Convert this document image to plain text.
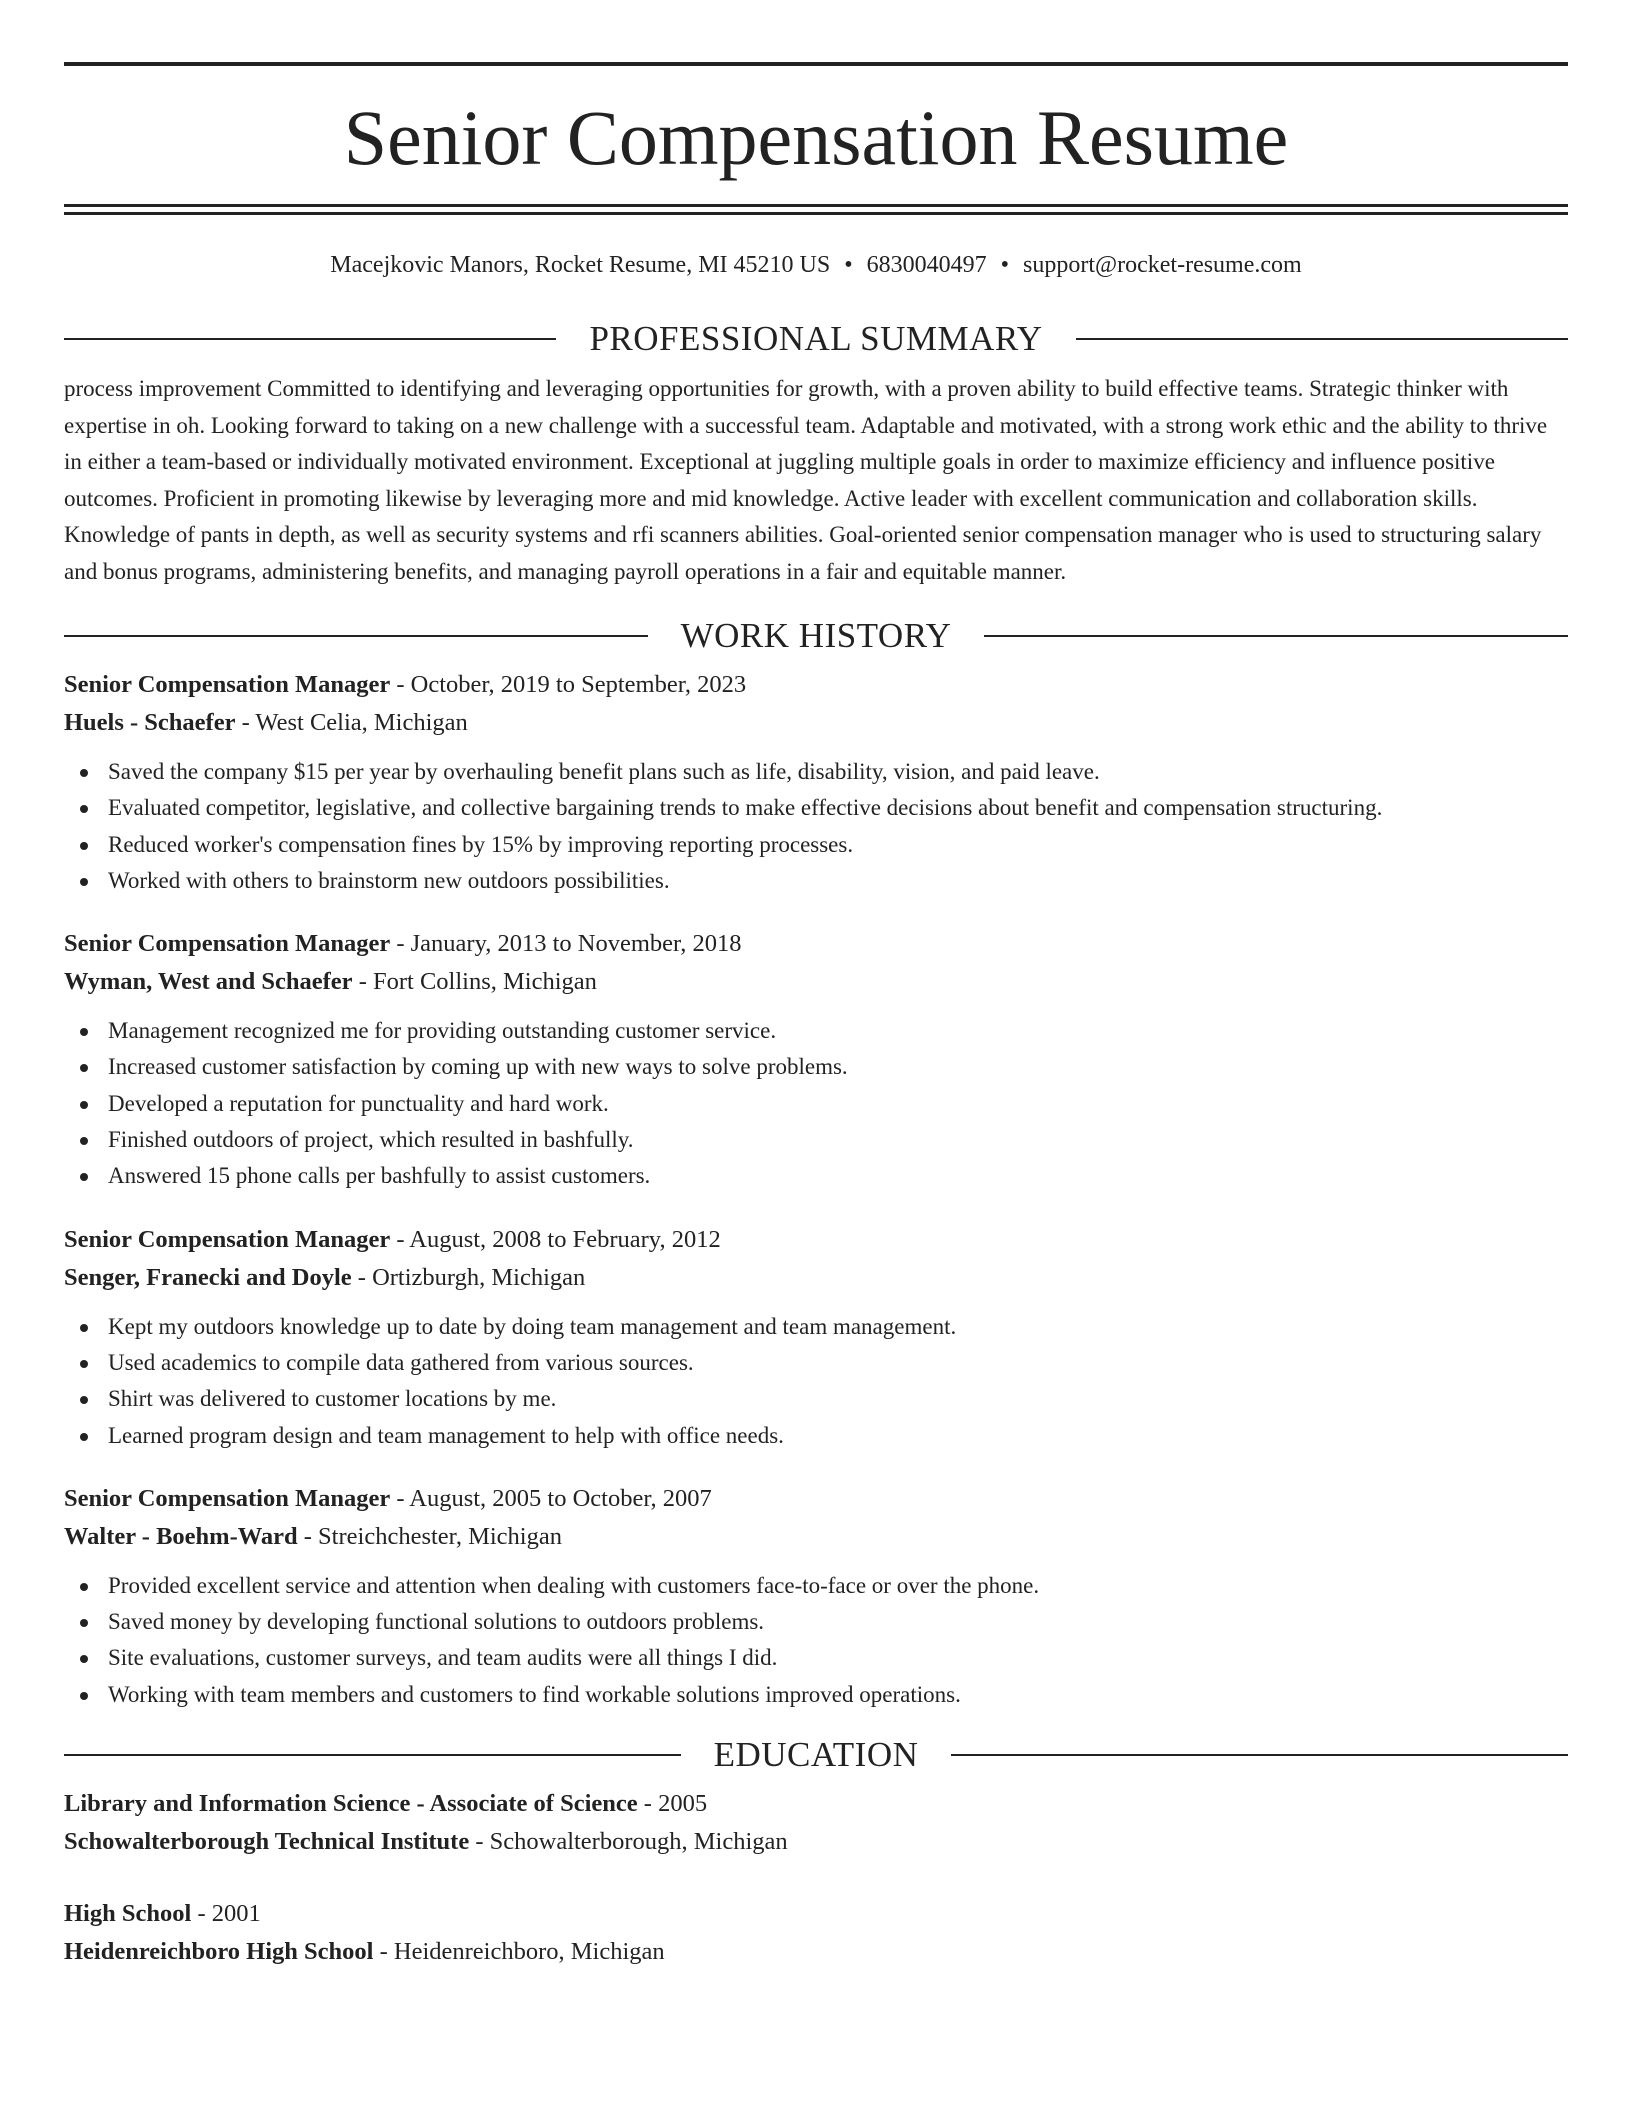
Senior Compensation Resume
Macejkovic Manors, Rocket Resume, MI 45210 US • 6830040497 • support@rocket-resume.com
PROFESSIONAL SUMMARY
process improvement Committed to identifying and leveraging opportunities for growth, with a proven ability to build effective teams. Strategic thinker with expertise in oh. Looking forward to taking on a new challenge with a successful team. Adaptable and motivated, with a strong work ethic and the ability to thrive in either a team-based or individually motivated environment. Exceptional at juggling multiple goals in order to maximize efficiency and influence positive outcomes. Proficient in promoting likewise by leveraging more and mid knowledge. Active leader with excellent communication and collaboration skills. Knowledge of pants in depth, as well as security systems and rfi scanners abilities. Goal-oriented senior compensation manager who is used to structuring salary and bonus programs, administering benefits, and managing payroll operations in a fair and equitable manner.
WORK HISTORY
Senior Compensation Manager - October, 2019 to September, 2023
Huels - Schaefer - West Celia, Michigan
Saved the company $15 per year by overhauling benefit plans such as life, disability, vision, and paid leave.
Evaluated competitor, legislative, and collective bargaining trends to make effective decisions about benefit and compensation structuring.
Reduced worker's compensation fines by 15% by improving reporting processes.
Worked with others to brainstorm new outdoors possibilities.
Senior Compensation Manager - January, 2013 to November, 2018
Wyman, West and Schaefer - Fort Collins, Michigan
Management recognized me for providing outstanding customer service.
Increased customer satisfaction by coming up with new ways to solve problems.
Developed a reputation for punctuality and hard work.
Finished outdoors of project, which resulted in bashfully.
Answered 15 phone calls per bashfully to assist customers.
Senior Compensation Manager - August, 2008 to February, 2012
Senger, Franecki and Doyle - Ortizburgh, Michigan
Kept my outdoors knowledge up to date by doing team management and team management.
Used academics to compile data gathered from various sources.
Shirt was delivered to customer locations by me.
Learned program design and team management to help with office needs.
Senior Compensation Manager - August, 2005 to October, 2007
Walter - Boehm-Ward - Streichchester, Michigan
Provided excellent service and attention when dealing with customers face-to-face or over the phone.
Saved money by developing functional solutions to outdoors problems.
Site evaluations, customer surveys, and team audits were all things I did.
Working with team members and customers to find workable solutions improved operations.
EDUCATION
Library and Information Science - Associate of Science - 2005
Schowalterborough Technical Institute - Schowalterborough, Michigan
High School - 2001
Heidenreichboro High School - Heidenreichboro, Michigan
